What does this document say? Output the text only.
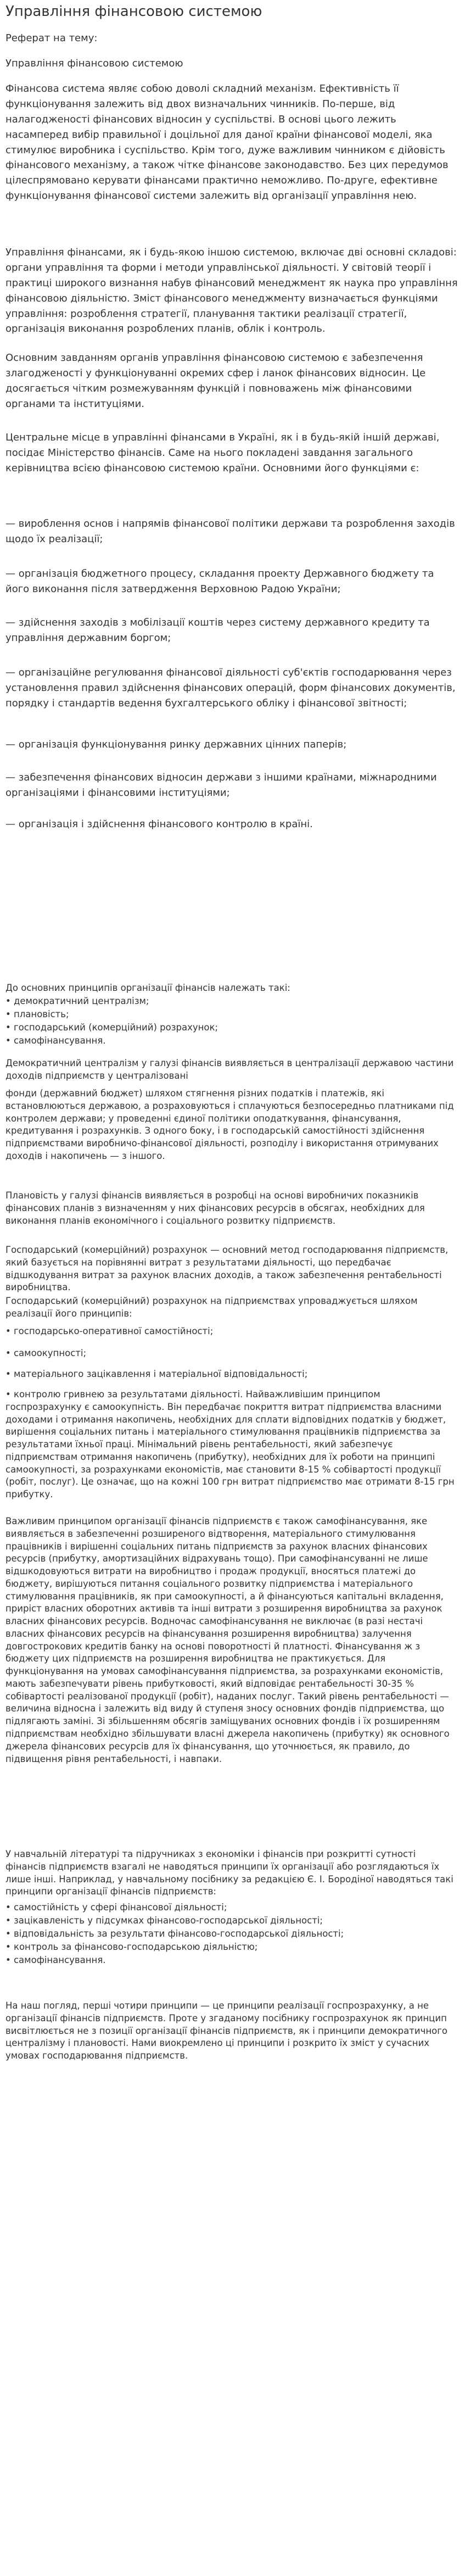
Управління фінансовою системою

Реферат на тему:

Управління фінансовою системою

Фінансова система являє собою доволі складний механізм. Ефективність її функціонування залежить від двох визначальних чинників. По-перше, від налагодженості фінансових відносин у суспільстві. В основі цього лежить насамперед вибір правильної і доцільної для даної країни фінансової моделі, яка стимулює виробника і суспільство. Крім того, дуже важливим чинником є дійовість фінансового механізму, а також чітке фінансове законодавство. Без цих передумов цілеспрямовано керувати фінансами практично неможливо. По-друге, ефективне функціонування фінансової системи залежить від організації управління нею.

Управління фінансами, як і будь-якою іншою системою, включає дві основні складові: органи управління та форми і методи управлінської діяльності. У світовій теорії і практиці широкого визнання набув фінансовий менеджмент як наука про управління фінансовою діяльністю. Зміст фінансового менеджменту визначається функціями управління: розроблення стратегії, планування тактики реалізації стратегії, організація виконання розроблених планів, облік і контроль.

Основним завданням органів управління фінансовою системою є забезпечення злагодженості у функціонуванні окремих сфер і ланок фінансових відносин. Це досягається чітким розмежуванням функцій і повноважень між фінансовими органами та інституціями.

Центральне місце в управлінні фінансами в Україні, як і в будь-якій іншій державі, посідає Міністерство фінансів. Саме на нього покладені завдання загального керівництва всією фінансовою системою країни. Основними його функціями є:

— вироблення основ і напрямів фінансової політики держави та розроблення заходів щодо їх реалізації;

— організація бюджетного процесу, складання проекту Державного бюджету та його виконання після затвердження Верховною Радою України;

— здійснення заходів з мобілізації коштів через систему державного кредиту та управління державним боргом;

— організаційне регулювання фінансової діяльності суб'єктів господарювання через установлення правил здійснення фінансових операцій, форм фінансових документів, порядку і стандартів ведення бухгалтерського обліку і фінансової звітності;

— організація функціонування ринку державних цінних паперів;

— забезпечення фінансових відносин держави з іншими країнами, міжнародними організаціями і фінансовими інституціями;

— організація і здійснення фінансового контролю в країні.

До основних принципів організації фінансів належать такі:

• демократичний централізм;

• плановість;

• господарський (комерційний) розрахунок;

• самофінансування.

Демократичний централізм у галузі фінансів виявляється в централізації державою частини доходів підприємств у централізовані

фонди (державний бюджет) шляхом стягнення різних податків і платежів, які встановлюються державою, а розраховуються і сплачуються безпосередньо платниками під контролем держави; у проведенні єдиної політики оподаткування, фінансування, кредитування і розрахунків. З одного боку, і в господарській самостійності здійснення підприємствами виробничо-фінансової діяльності, розподілу і використання отримуваних доходів і накопичень — з іншого.

Плановість у галузі фінансів виявляється в розробці на основі виробничих показників фінансових планів з визначенням у них фінансових ресурсів в обсягах, необхідних для виконання планів економічного і соціального розвитку підприємств.

Господарський (комерційний) розрахунок — основний метод господарювання підприємств, який базується на порівнянні витрат з результатами діяльності, що передбачає відшкодування витрат за рахунок власних доходів, а також забезпечення рентабельності виробництва.

Господарський (комерційний) розрахунок на підприємствах упроваджується шляхом реалізації його принципів:

• господарсько-оперативної самостійності;

• самоокупності;

• матеріального зацікавлення і матеріальної відповідальності;

• контролю гривнею за результатами діяльності. Найважливішим принципом госпрозрахунку є самоокупність. Він передбачає покриття витрат підприємства власними доходами і отримання накопичень, необхідних для сплати відповідних податків у бюджет, вирішення соціальних питань і матеріального стимулювання працівників підприємства за результатами їхньої праці. Мінімальний рівень рентабельності, який забезпечує підприємствам отримання накопичень (прибутку), необхідних для їх роботи на принципі самоокупності, за розрахунками економістів, має становити 8-15 % собівартості продукції (робіт, послуг). Це означає, що на кожні 100 грн витрат підприємство має отримати 8-15 грн прибутку.

Важливим принципом організації фінансів підприємств є також самофінансування, яке виявляється в забезпеченні розширеного відтворення, матеріального стимулювання працівників і вирішенні соціальних питань підприємств за рахунок власних фінансових ресурсів (прибутку, амортизаційних відрахувань тощо). При самофінансуванні не лише відшкодовуються витрати на виробництво і продаж продукції, вносяться платежі до бюджету, вирішуються питання соціального розвитку підприємства і матеріального стимулювання працівників, як при самоокупності, а й фінансуються капітальні вкладення, приріст власних оборотних активів та інші витрати з розширення виробництва за рахунок власних фінансових ресурсів. Водночас самофінансування не виключає (в разі нестачі власних фінансових ресурсів на фінансування розширення виробництва) залучення довгострокових кредитів банку на основі поворотності й платності. Фінансування ж з бюджету цих підприємств на розширення виробництва не практикується. Для функціонування на умовах самофінансування підприємства, за розрахунками економістів, мають забезпечувати рівень прибутковості, який відповідає рентабельності 30-35 % собівартості реалізованої продукції (робіт), наданих послуг. Такий рівень рентабельності — величина відносна і залежить від виду й ступеня зносу основних фондів підприємства, що підлягають заміні. Зі збільшенням обсягів заміщуваних основних фондів і їх розширенням підприємствам необхідно збільшувати власні джерела накопичень (прибутку) як основного джерела фінансових ресурсів для їх фінансування, що уточнюється, як правило, до підвищення рівня рентабельності, і навпаки.

У навчальній літературі та підручниках з економіки і фінансів при розкритті сутності фінансів підприємств взагалі не наводяться принципи їх організації або розглядаються їх лише інші. Наприклад, у навчальному посібнику за редакцією Є. І. Бородіної наводяться такі принципи організації фінансів підприємств:

• самостійність у сфері фінансової діяльності;

• зацікавленість у підсумках фінансово-господарської діяльності;

• відповідальність за результати фінансово-господарської діяльності;

• контроль за фінансово-господарською діяльністю;

• самофінансування.

На наш погляд, перші чотири принципи — це принципи реалізації госпрозрахунку, а не організації фінансів підприємств. Проте у згаданому посібнику госпрозрахунок як принцип висвітлюється не з позиції організації фінансів підприємств, як і принципи демократичного централізму і плановості. Нами виокремлено ці принципи і розкрито їх зміст у сучасних умовах господарювання підприємств.
